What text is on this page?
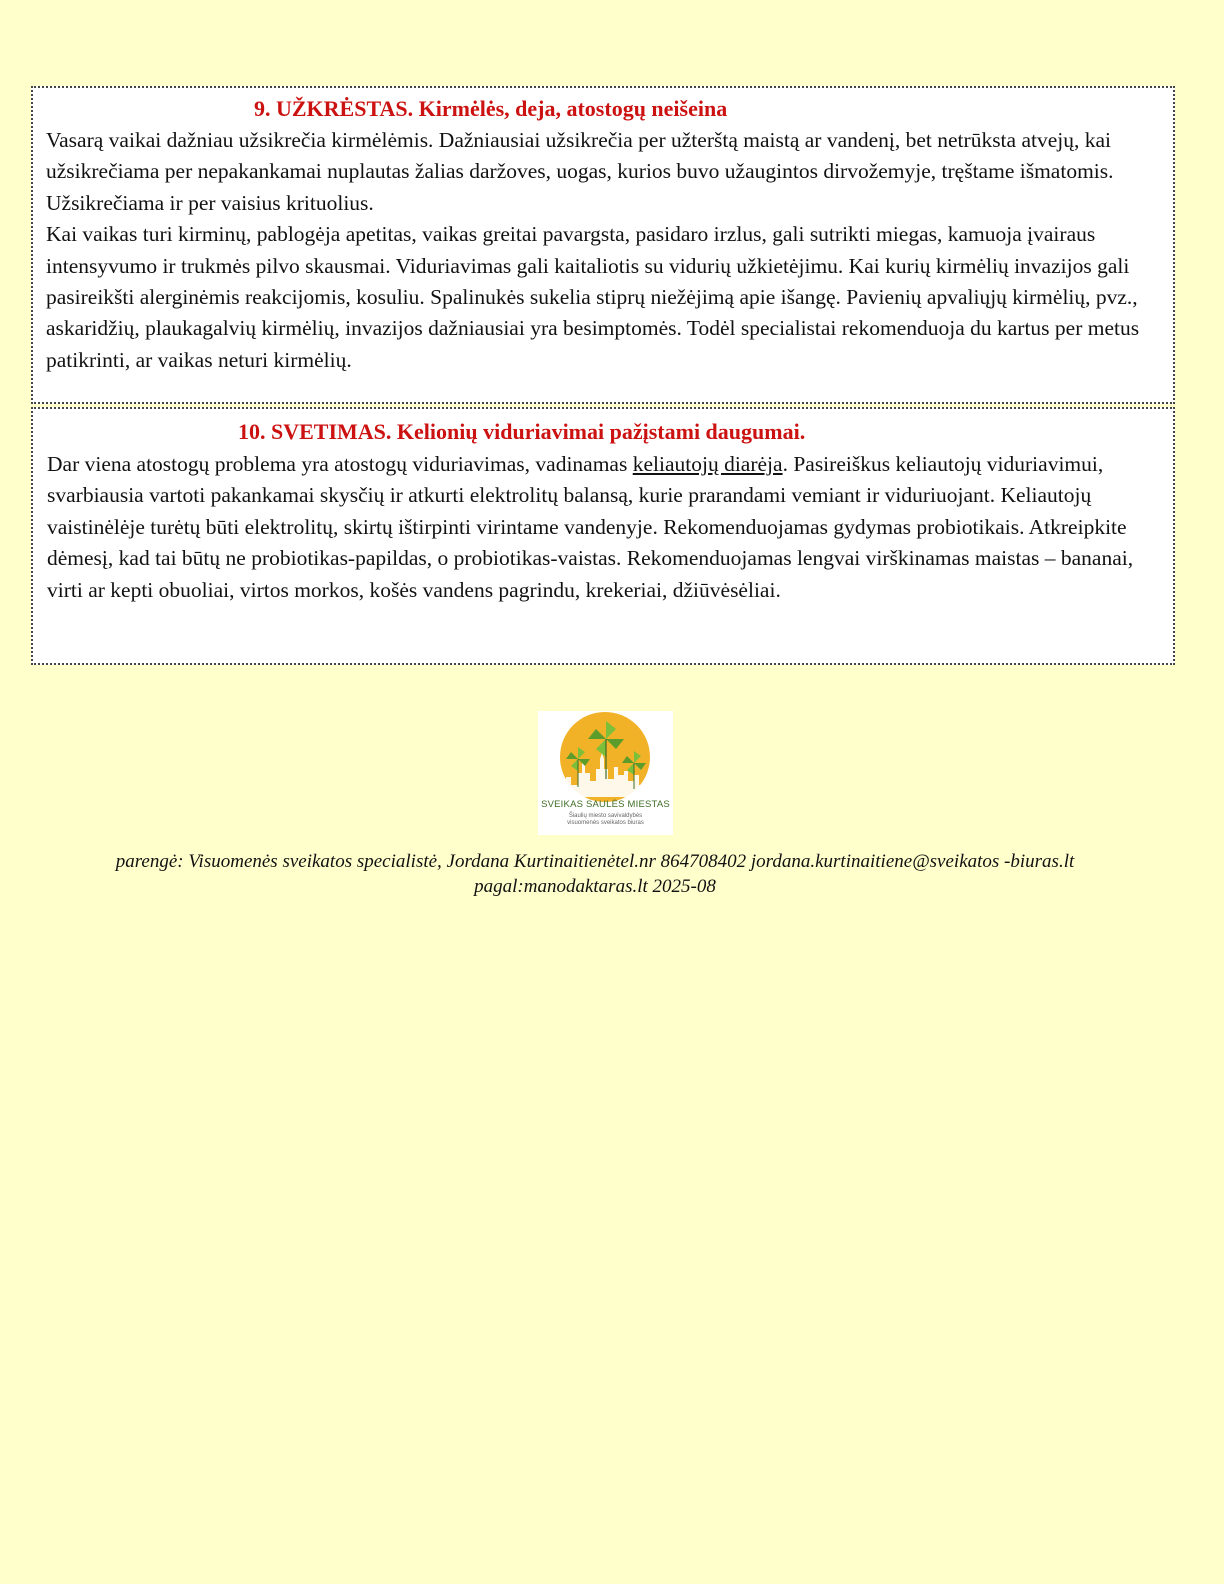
9. UŽKRĖSTAS. Kirmėlės, deja, atostogų neišeina

Vasarą vaikai dažniau užsikrečia kirmėlėmis. Dažniausiai užsikrečia per užterštą maistą ar vandenį, bet netrūksta atvejų, kai užsikrečiama per nepakankamai nuplautas žalias daržoves, uogas, kurios buvo užaugintos dirvožemyje, tręštame išmatomis. Užsikrečiama ir per vaisius krituolius.

Kai vaikas turi kirminų, pablogėja apetitas, vaikas greitai pavargsta, pasidaro irzlus, gali sutrikti miegas, kamuoja įvairaus intensyvumo ir trukmės pilvo skausmai. Viduriavimas gali kaitaliotis su vidurių užkietėjimu. Kai kurių kirmėlių invazijos gali pasireikšti alerginėmis reakcijomis, kosuliu. Spalinukės sukelia stiprų niežėjimą apie išangę. Pavienių apvaliųjų kirmėlių, pvz., askaridžių, plaukagalvių kirmėlių, invazijos dažniausiai yra besimptomės. Todėl specialistai rekomenduoja du kartus per metus patikrinti, ar vaikas neturi kirmėlių.

10. SVETIMAS. Kelionių viduriavimai pažįstami daugumai.

Dar viena atostogų problema yra atostogų viduriavimas, vadinamas keliautojų diarėja. Pasireiškus keliautojų viduriavimui, svarbiausia vartoti pakankamai skysčių ir atkurti elektrolitų balansą, kurie prarandami vemiant ir viduriuojant. Keliautojų vaistinėlėje turėtų būti elektrolitų, skirtų ištirpinti virintame vandenyje. Rekomenduojamas gydymas probiotikais. Atkreipkite dėmesį, kad tai būtų ne probiotikas-papildas, o probiotikas-vaistas. Rekomenduojamas lengvai virškinamas maistas – bananai, virti ar kepti obuoliai, virtos morkos, košės vandens pagrindu, krekeriai, džiūvėsėliai.

SVEIKAS SAULĖS MIESTAS
Šiaulių miesto savivaldybės
visuomenės sveikatos biuras
parengė: Visuomenės sveikatos specialistė, Jordana Kurtinaitienėtel.nr 864708402 jordana.kurtinaitiene@sveikatos -biuras.lt
pagal:manodaktaras.lt 2025-08
